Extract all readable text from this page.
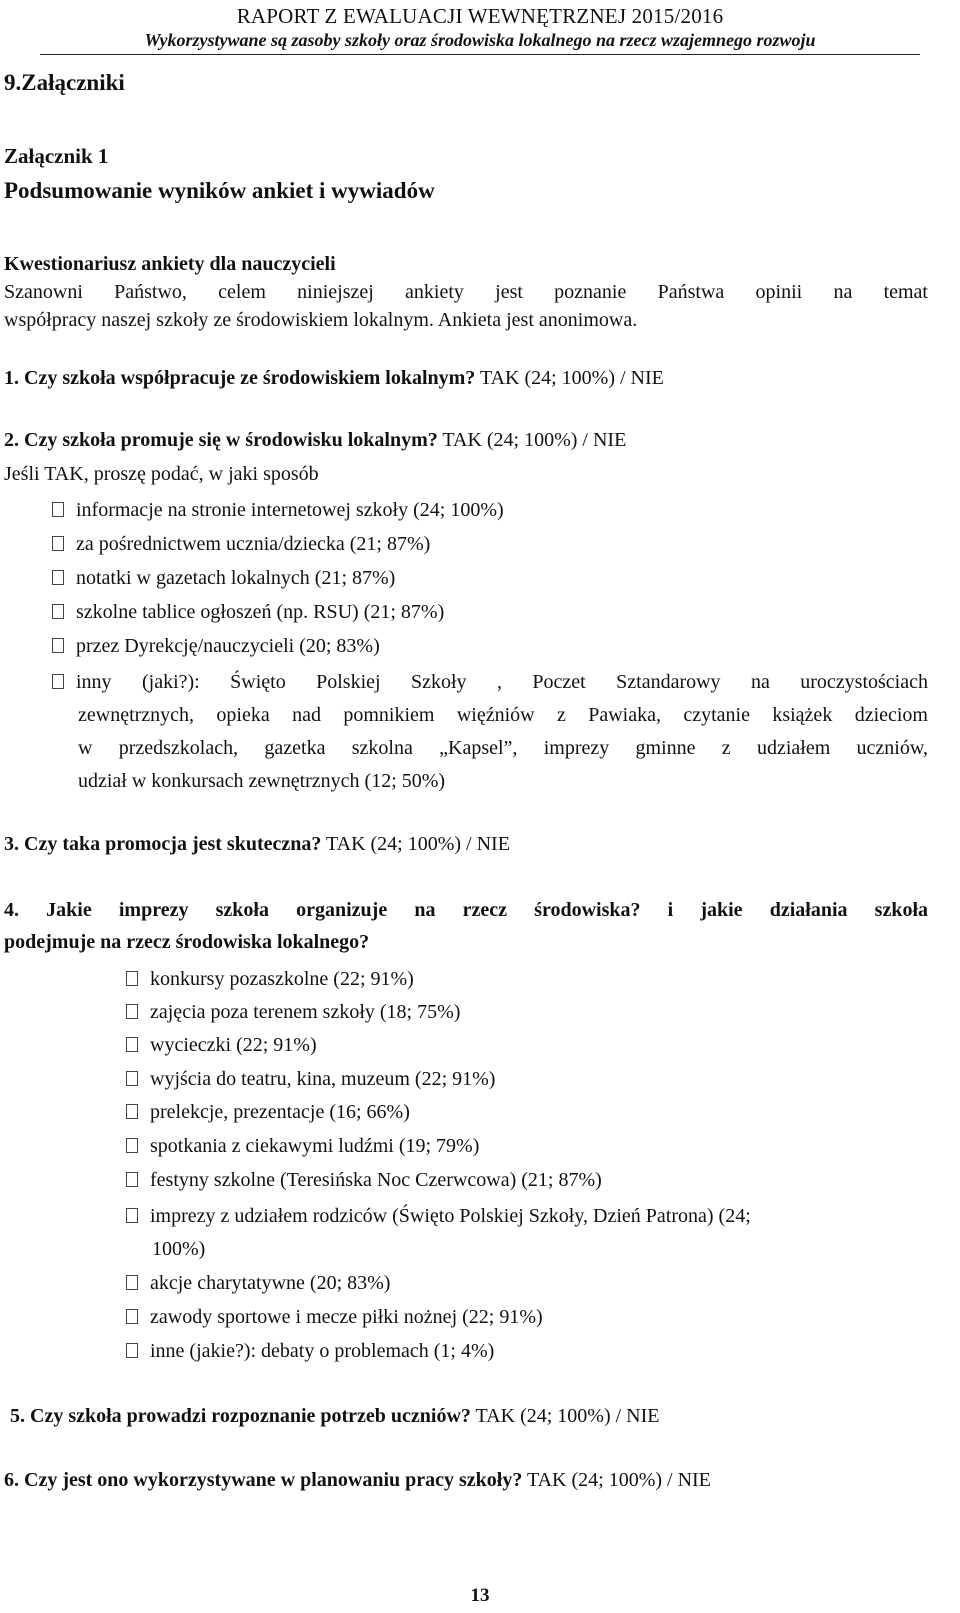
RAPORT Z EWALUACJI WEWNĘTRZNEJ 2015/2016
Wykorzystywane są zasoby szkoły oraz środowiska lokalnego na rzecz wzajemnego rozwoju
9.Załączniki
Załącznik 1
Podsumowanie wyników ankiet i wywiadów
Kwestionariusz ankiety dla nauczycieli
Szanowni Państwo, celem niniejszej ankiety jest poznanie Państwa opinii na temat
współpracy naszej szkoły ze środowiskiem lokalnym. Ankieta jest anonimowa.
1. Czy szkoła współpracuje ze środowiskiem lokalnym? TAK (24; 100%) / NIE
2. Czy szkoła promuje się w środowisku lokalnym? TAK (24; 100%) / NIE
Jeśli TAK, proszę podać, w jaki sposób
informacje na stronie internetowej szkoły (24; 100%)
za pośrednictwem ucznia/dziecka (21; 87%)
notatki w gazetach lokalnych (21; 87%)
szkolne tablice ogłoszeń (np. RSU) (21; 87%)
przez Dyrekcję/nauczycieli (20; 83%)
inny (jaki?): Święto Polskiej Szkoły , Poczet Sztandarowy na uroczystościach
zewnętrznych, opieka nad pomnikiem więźniów z Pawiaka, czytanie książek dzieciom
w przedszkolach, gazetka szkolna „Kapsel”, imprezy gminne z udziałem uczniów,
udział w konkursach zewnętrznych (12; 50%)
3. Czy taka promocja jest skuteczna? TAK (24; 100%) / NIE
4. Jakie imprezy szkoła organizuje na rzecz środowiska? i jakie działania szkoła
podejmuje na rzecz środowiska lokalnego?
konkursy pozaszkolne (22; 91%)
zajęcia poza terenem szkoły (18; 75%)
wycieczki (22; 91%)
wyjścia do teatru, kina, muzeum (22; 91%)
prelekcje, prezentacje (16; 66%)
spotkania z ciekawymi ludźmi (19; 79%)
festyny szkolne (Teresińska Noc Czerwcowa) (21; 87%)
imprezy z udziałem rodziców (Święto Polskiej Szkoły, Dzień Patrona) (24;
100%)
akcje charytatywne (20; 83%)
zawody sportowe i mecze piłki nożnej (22; 91%)
inne (jakie?): debaty o problemach (1; 4%)
5. Czy szkoła prowadzi rozpoznanie potrzeb uczniów? TAK (24; 100%) / NIE
6. Czy jest ono wykorzystywane w planowaniu pracy szkoły? TAK (24; 100%) / NIE
13
